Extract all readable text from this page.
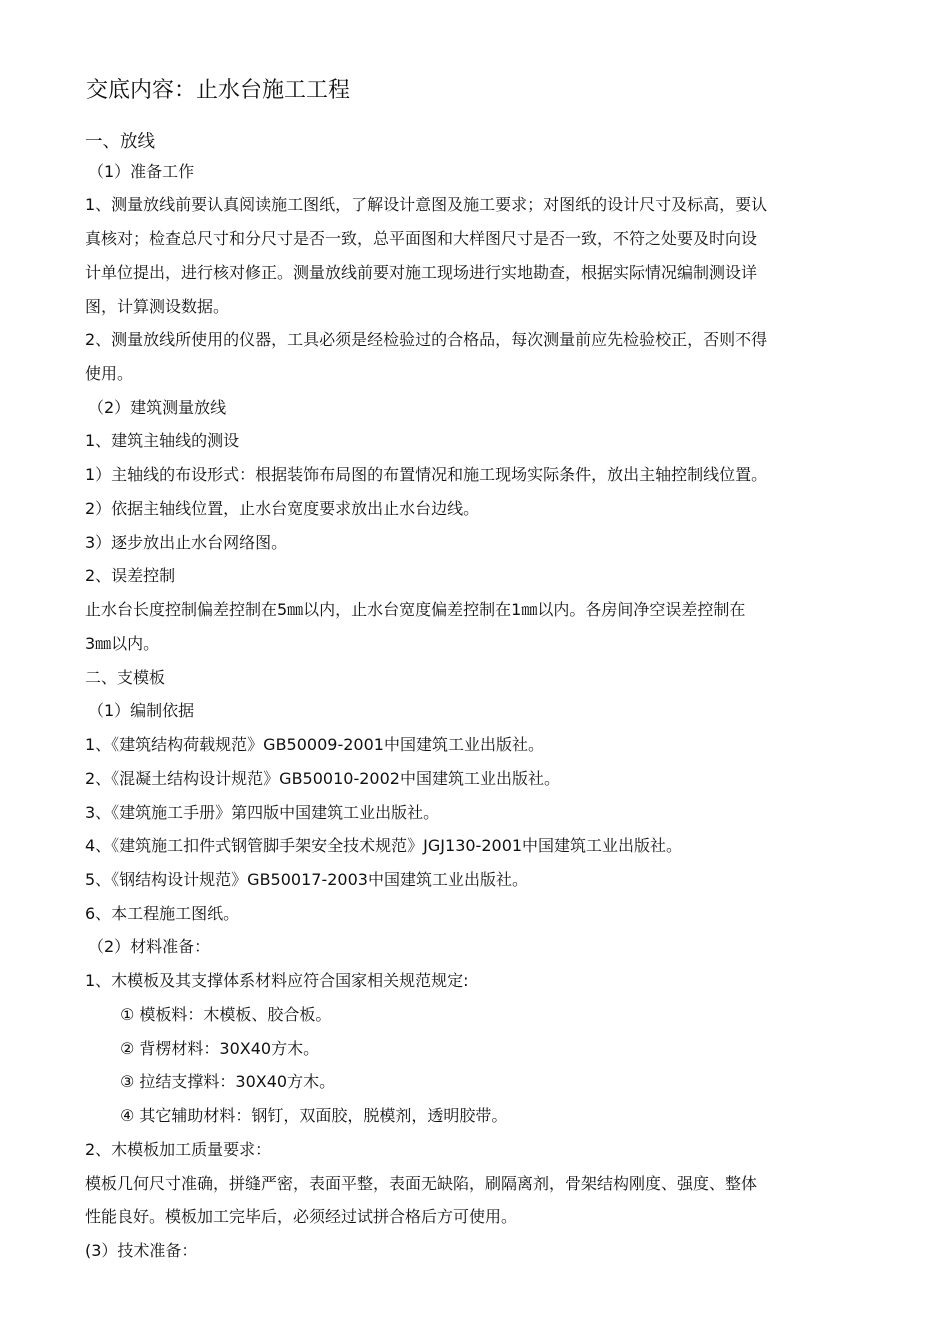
交底内容：止水台施工工程
一、放线
（1）准备工作
1、测量放线前要认真阅读施工图纸，了解设计意图及施工要求；对图纸的设计尺寸及标高，要认
真核对；检查总尺寸和分尺寸是否一致，总平面图和大样图尺寸是否一致，不符之处要及时向设
计单位提出，进行核对修正。测量放线前要对施工现场进行实地勘查，根据实际情况编制测设详
图，计算测设数据。
2、测量放线所使用的仪器，工具必须是经检验过的合格品，每次测量前应先检验校正，否则不得
使用。
（2）建筑测量放线
1、建筑主轴线的测设
1）主轴线的布设形式：根据装饰布局图的布置情况和施工现场实际条件，放出主轴控制线位置。
2）依据主轴线位置，止水台宽度要求放出止水台边线。
3）逐步放出止水台网络图。
2、误差控制
止水台长度控制偏差控制在5㎜以内，止水台宽度偏差控制在1㎜以内。各房间净空误差控制在
3㎜以内。
二、支模板
（1）编制依据
1、《建筑结构荷载规范》GB50009-2001中国建筑工业出版社。
2、《混凝土结构设计规范》GB50010-2002中国建筑工业出版社。
3、《建筑施工手册》第四版中国建筑工业出版社。
4、《建筑施工扣件式钢管脚手架安全技术规范》JGJ130-2001中国建筑工业出版社。
5、《钢结构设计规范》GB50017-2003中国建筑工业出版社。
6、本工程施工图纸。
（2）材料准备：
1、木模板及其支撑体系材料应符合国家相关规范规定:
① 模板料：木模板、胶合板。
② 背楞材料：30X40方木。
③ 拉结支撑料：30X40方木。
④ 其它辅助材料：钢钉，双面胶，脱模剂，透明胶带。
2、木模板加工质量要求：
模板几何尺寸准确，拼缝严密，表面平整，表面无缺陷，刷隔离剂，骨架结构刚度、强度、整体
性能良好。模板加工完毕后，必须经过试拼合格后方可使用。
(3）技术准备：
